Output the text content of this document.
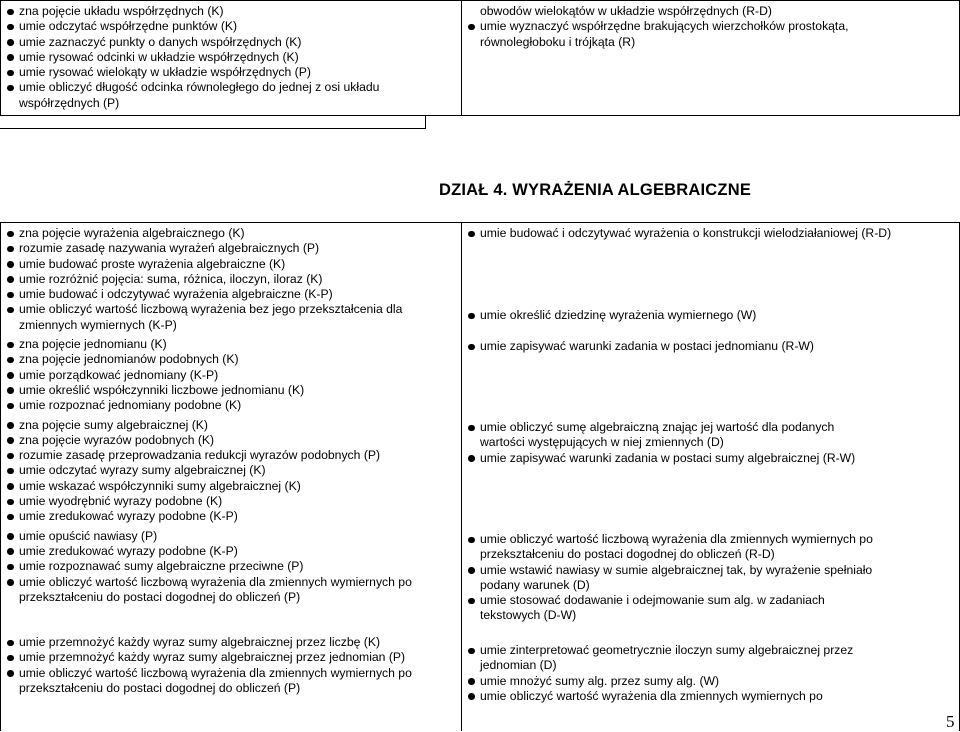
zna pojęcie układu współrzędnych (K)
umie odczytać współrzędne punktów (K)
umie zaznaczyć punkty o danych współrzędnych (K)
umie rysować odcinki w układzie współrzędnych (K)
umie rysować wielokąty w układzie współrzędnych (P)
umie obliczyć długość odcinka równoległego do jednej z osi układu współrzędnych (P)
obwodów wielokątów w układzie współrzędnych (R-D)
umie wyznaczyć współrzędne brakujących wierzchołków prostokąta, równoległoboku i trójkąta (R)
DZIAŁ 4. WYRAŻENIA ALGEBRAICZNE
zna pojęcie wyrażenia algebraicznego (K)
rozumie zasadę nazywania wyrażeń algebraicznych (P)
umie budować proste wyrażenia algebraiczne (K)
umie rozróżnić pojęcia: suma, różnica, iloczyn, iloraz (K)
umie budować i odczytywać wyrażenia algebraiczne (K-P)
umie obliczyć wartość liczbową wyrażenia bez jego przekształcenia dla zmiennych wymiernych (K-P)
zna pojęcie jednomianu (K)
zna pojęcie jednomianów podobnych (K)
umie porządkować jednomiany (K-P)
umie określić współczynniki liczbowe jednomianu (K)
umie rozpoznać jednomiany podobne (K)
zna pojęcie sumy algebraicznej (K)
zna pojęcie wyrazów podobnych (K)
rozumie zasadę przeprowadzania redukcji wyrazów podobnych (P)
umie odczytać wyrazy sumy algebraicznej (K)
umie wskazać współczynniki sumy algebraicznej (K)
umie wyodrębnić wyrazy podobne (K)
umie zredukować wyrazy podobne (K-P)
umie opuścić nawiasy (P)
umie zredukować wyrazy podobne (K-P)
umie rozpoznawać sumy algebraiczne przeciwne (P)
umie obliczyć wartość liczbową wyrażenia dla zmiennych wymiernych po przekształceniu do postaci dogodnej do obliczeń (P)
umie przemnożyć każdy wyraz sumy algebraicznej przez liczbę (K)
umie przemnożyć każdy wyraz sumy algebraicznej przez jednomian (P)
umie obliczyć wartość liczbową wyrażenia dla zmiennych wymiernych po przekształceniu do postaci dogodnej do obliczeń (P)
umie budować i odczytywać wyrażenia o konstrukcji wielodziałaniowej (R-D)
umie określić dziedzinę wyrażenia wymiernego (W)
umie zapisywać warunki zadania w postaci jednomianu (R-W)
umie obliczyć sumę algebraiczną znając jej wartość dla podanych wartości występujących w niej zmiennych (D)
umie zapisywać warunki zadania w postaci sumy algebraicznej (R-W)
umie obliczyć wartość liczbową wyrażenia dla zmiennych wymiernych po przekształceniu do postaci dogodnej do obliczeń (R-D)
umie wstawić nawiasy w sumie algebraicznej tak, by wyrażenie spełniało podany warunek (D)
umie stosować dodawanie i odejmowanie sum alg. w zadaniach tekstowych (D-W)
umie zinterpretować geometrycznie iloczyn sumy algebraicznej przez jednomian (D)
umie mnożyć sumy alg. przez sumy alg. (W)
umie obliczyć wartość wyrażenia dla zmiennych wymiernych po
5
